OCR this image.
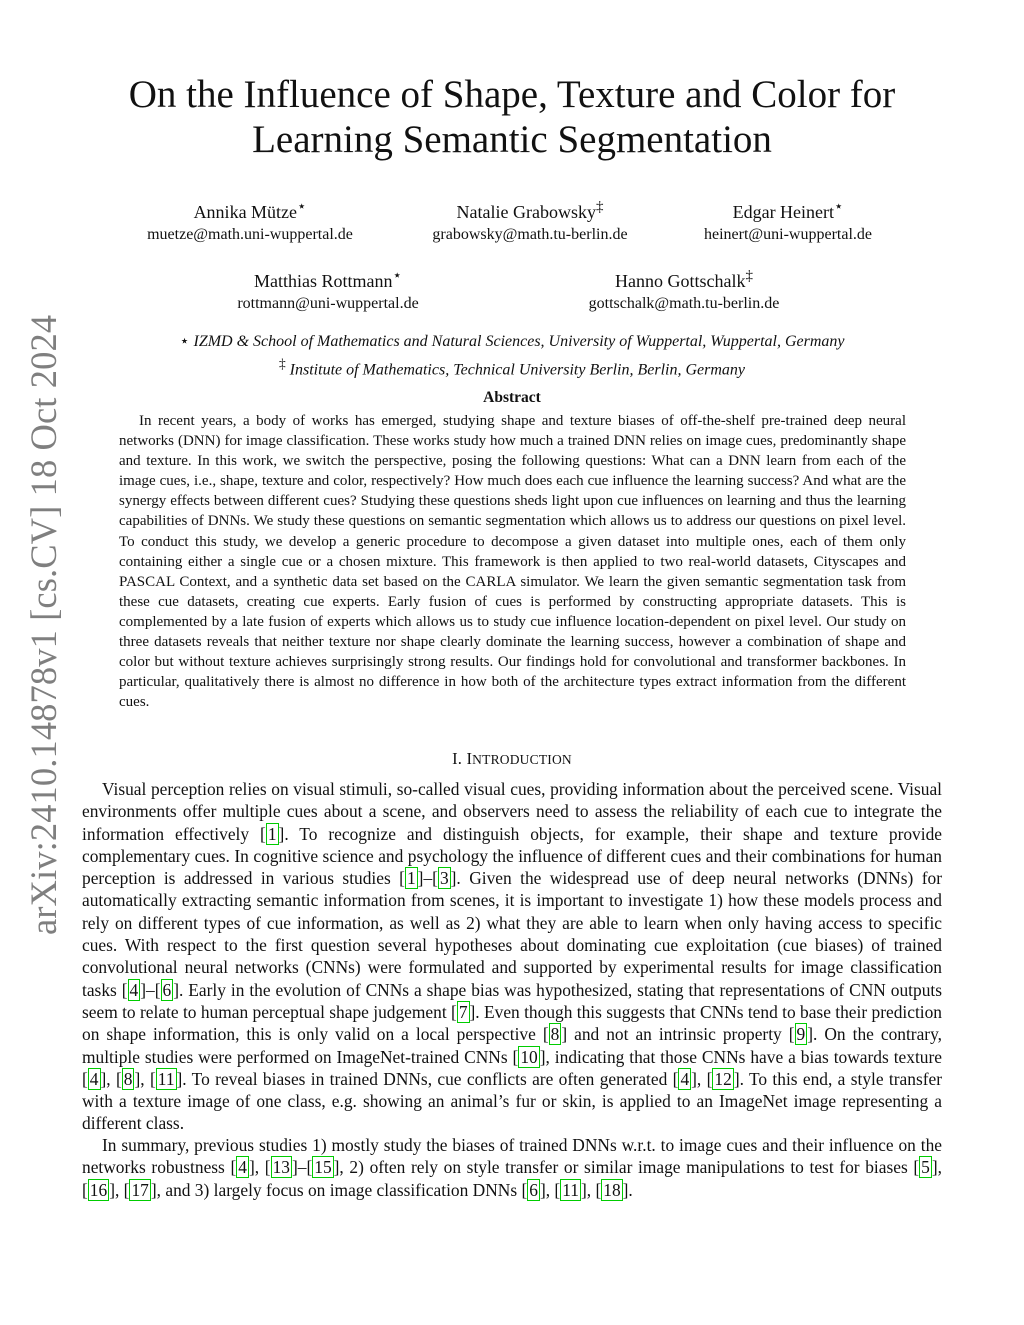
arXiv:2410.14878v1 [cs.CV] 18 Oct 2024
On the Influence of Shape, Texture and Color for
Learning Semantic Segmentation
Annika Mütze⋆
muetze@math.uni-wuppertal.de
Natalie Grabowsky‡
grabowsky@math.tu-berlin.de
Edgar Heinert⋆
heinert@uni-wuppertal.de
Matthias Rottmann⋆
rottmann@uni-wuppertal.de
Hanno Gottschalk‡
gottschalk@math.tu-berlin.de
⋆ IZMD & School of Mathematics and Natural Sciences, University of Wuppertal, Wuppertal, Germany
‡ Institute of Mathematics, Technical University Berlin, Berlin, Germany
Abstract

In recent years, a body of works has emerged, studying shape and texture biases of off-the-shelf pre-trained deep neural networks (DNN) for image classification. These works study how much a trained DNN relies on image cues, predominantly shape and texture. In this work, we switch the perspective, posing the following questions: What can a DNN learn from each of the image cues, i.e., shape, texture and color, respectively? How much does each cue influence the learning success? And what are the synergy effects between different cues? Studying these questions sheds light upon cue influences on learning and thus the learning capabilities of DNNs. We study these questions on semantic segmentation which allows us to address our questions on pixel level. To conduct this study, we develop a generic procedure to decompose a given dataset into multiple ones, each of them only containing either a single cue or a chosen mixture. This framework is then applied to two real-world datasets, Cityscapes and PASCAL Context, and a synthetic data set based on the CARLA simulator. We learn the given semantic segmentation task from these cue datasets, creating cue experts. Early fusion of cues is performed by constructing appropriate datasets. This is complemented by a late fusion of experts which allows us to study cue influence location-dependent on pixel level. Our study on three datasets reveals that neither texture nor shape clearly dominate the learning success, however a combination of shape and color but without texture achieves surprisingly strong results. Our findings hold for convolutional and transformer backbones. In particular, qualitatively there is almost no difference in how both of the architecture types extract information from the different cues.

I. INTRODUCTION

Visual perception relies on visual stimuli, so-called visual cues, providing information about the perceived scene. Visual environments offer multiple cues about a scene, and observers need to assess the reliability of each cue to integrate the information effectively [ 1 ]. To recognize and distinguish objects, for example, their shape and texture provide complementary cues. In cognitive science and psychology the influence of different cues and their combinations for human perception is addressed in various studies [ 1 ]–[ 3 ]. Given the widespread use of deep neural networks (DNNs) for automatically extracting semantic information from scenes, it is important to investigate 1) how these models process and rely on different types of cue information, as well as 2) what they are able to learn when only having access to specific cues. With respect to the first question several hypotheses about dominating cue exploitation (cue biases) of trained convolutional neural networks (CNNs) were formulated and supported by experimental results for image classification tasks [ 4 ]–[ 6 ]. Early in the evolution of CNNs a shape bias was hypothesized, stating that representations of CNN outputs seem to relate to human perceptual shape judgement [ 7 ]. Even though this suggests that CNNs tend to base their prediction on shape information, this is only valid on a local perspective [ 8 ] and not an intrinsic property [ 9 ]. On the contrary, multiple studies were performed on ImageNet-trained CNNs [ 10 ], indicating that those CNNs have a bias towards texture [ 4 ], [ 8 ], [ 11 ]. To reveal biases in trained DNNs, cue conflicts are often generated [ 4 ], [ 12 ]. To this end, a style transfer with a texture image of one class, e.g. showing an animal’s fur or skin, is applied to an ImageNet image representing a different class.

In summary, previous studies 1) mostly study the biases of trained DNNs w.r.t. to image cues and their influence on the networks robustness [ 4 ], [ 13 ]–[ 15 ], 2) often rely on style transfer or similar image manipulations to test for biases [ 5 ], [ 16 ], [ 17 ], and 3) largely focus on image classification DNNs [ 6 ], [ 11 ], [ 18 ].
